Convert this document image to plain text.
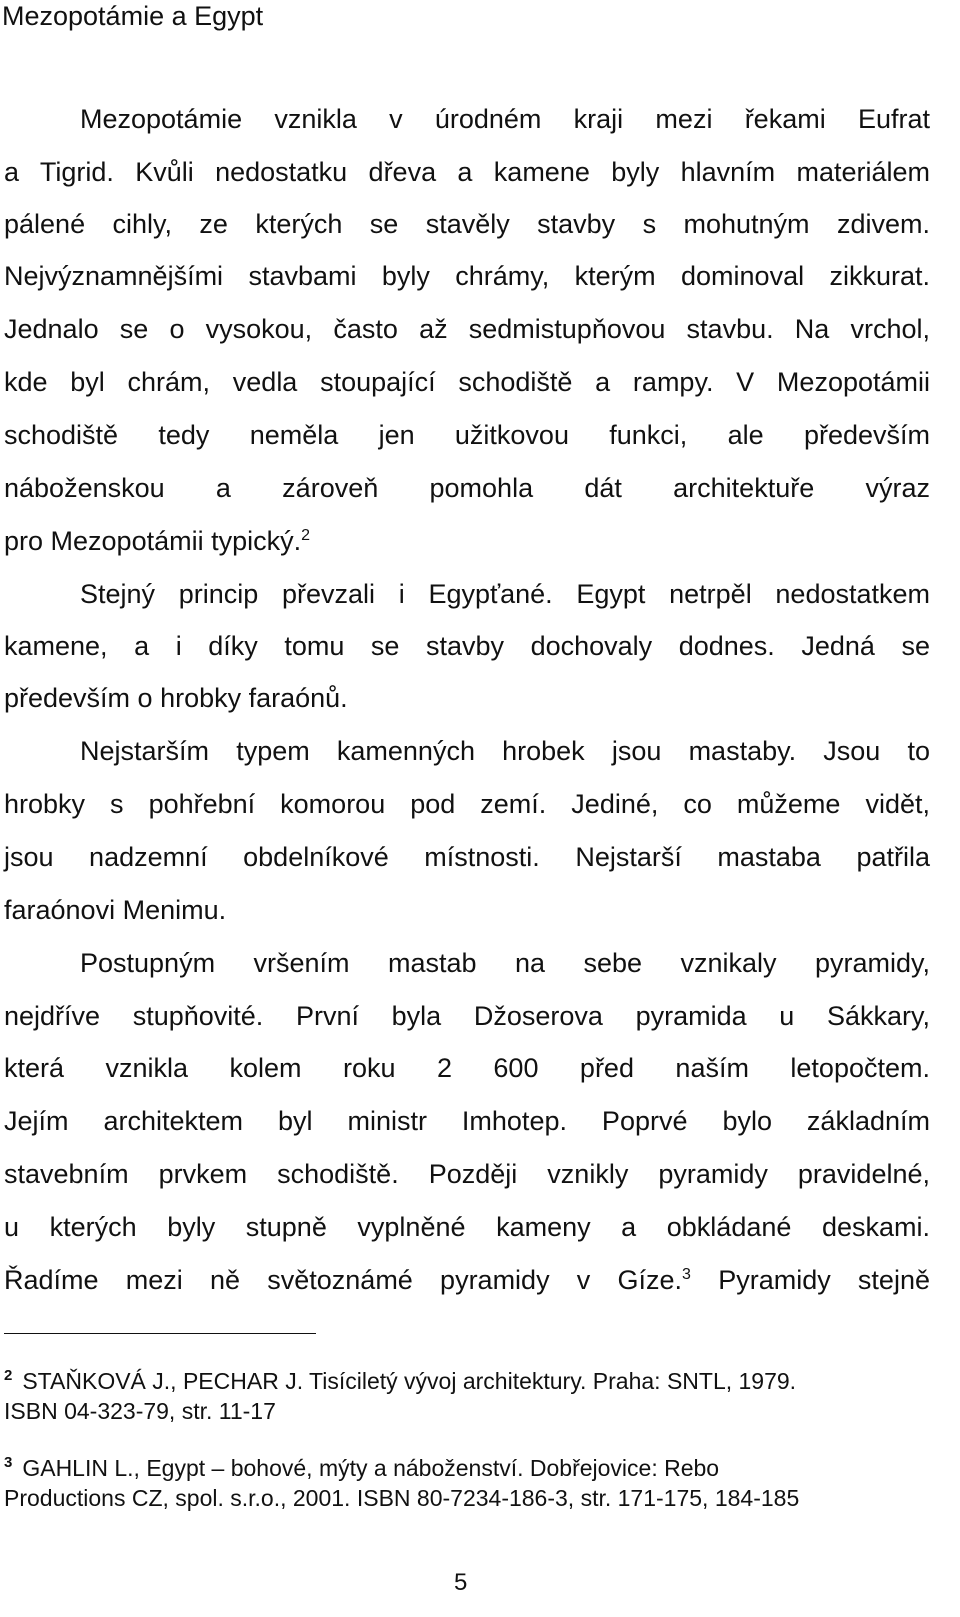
Mezopotámie a Egypt
Mezopotámie vznikla v úrodném kraji mezi řekami Eufrat
a Tigrid. Kvůli nedostatku dřeva a kamene byly hlavním materiálem
pálené cihly, ze kterých se stavěly stavby s mohutným zdivem.
Nejvýznamnějšími stavbami byly chrámy, kterým dominoval zikkurat.
Jednalo se o vysokou, často až sedmistupňovou stavbu. Na vrchol,
kde byl chrám, vedla stoupající schodiště a rampy. V Mezopotámii
schodiště tedy neměla jen užitkovou funkci, ale především
náboženskou a zároveň pomohla dát architektuře výraz
pro Mezopotámii typický.$^2$
Stejný princip převzali i Egypťané. Egypt netrpěl nedostatkem
kamene, a i díky tomu se stavby dochovaly dodnes. Jedná se
především o hrobky faraónů.
Nejstarším typem kamenných hrobek jsou mastaby. Jsou to
hrobky s pohřební komorou pod zemí. Jediné, co můžeme vidět,
jsou nadzemní obdelníkové místnosti. Nejstarší mastaba patřila
faraónovi Menimu.
Postupným vršením mastab na sebe vznikaly pyramidy,
nejdříve stupňovité. První byla Džoserova pyramida u Sákkary,
která vznikla kolem roku 2 600 před naším letopočtem.
Jejím architektem byl ministr Imhotep. Poprvé bylo základním
stavebním prvkem schodiště. Později vznikly pyramidy pravidelné,
u kterých byly stupně vyplněné kameny a obkládané deskami.
Řadíme mezi ně světoznámé pyramidy v Gíze.$^3$ Pyramidy stejně
$^2$ STAŇKOVÁ J., PECHAR J. Tisíciletý vývoj architektury. Praha: SNTL, 1979.
ISBN 04-323-79, str. 11-17
$^3$ GAHLIN L., Egypt – bohové, mýty a náboženství. Dobřejovice: Rebo
Productions CZ, spol. s.r.o., 2001. ISBN 80-7234-186-3, str. 171-175, 184-185
5
